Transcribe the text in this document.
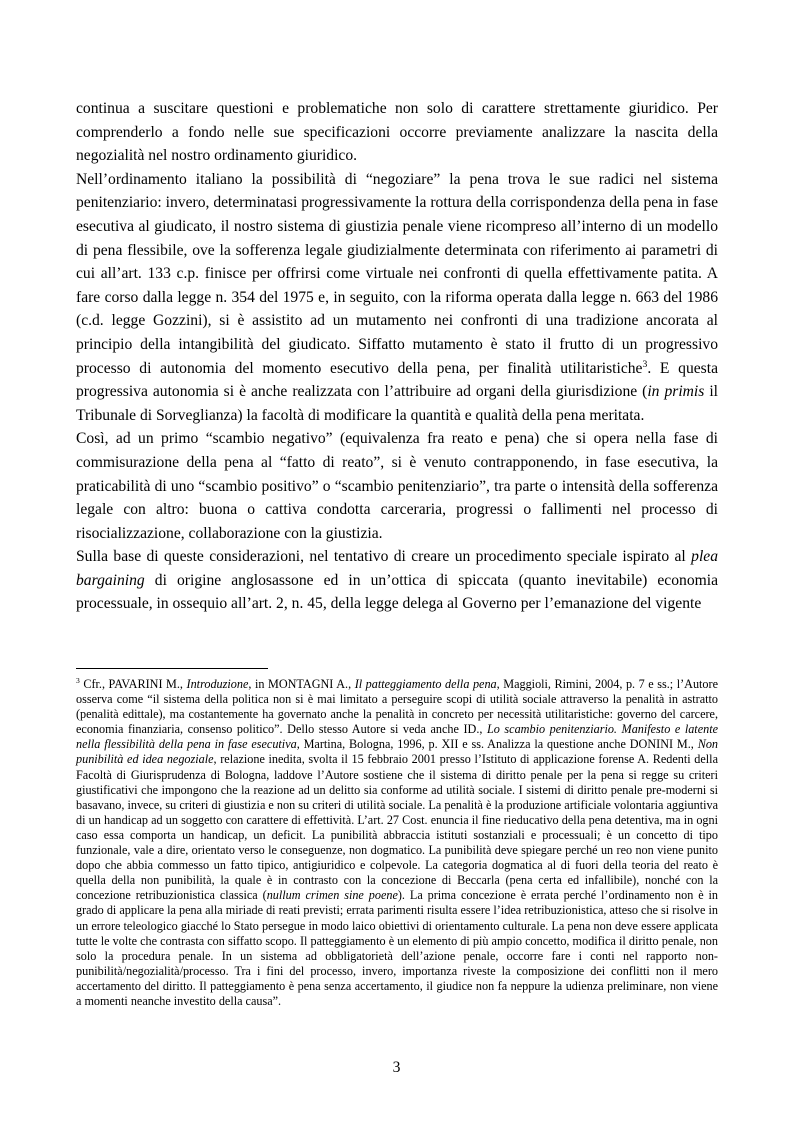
continua a suscitare questioni e problematiche non solo di carattere strettamente giuridico. Per comprenderlo a fondo nelle sue specificazioni occorre previamente analizzare la nascita della negozialità nel nostro ordinamento giuridico.

Nell’ordinamento italiano la possibilità di “negoziare” la pena trova le sue radici nel sistema penitenziario: invero, determinatasi progressivamente la rottura della corrispondenza della pena in fase esecutiva al giudicato, il nostro sistema di giustizia penale viene ricompreso all’interno di un modello di pena flessibile, ove la sofferenza legale giudizialmente determinata con riferimento ai parametri di cui all’art. 133 c.p. finisce per offrirsi come virtuale nei confronti di quella effettivamente patita. A fare corso dalla legge n. 354 del 1975 e, in seguito, con la riforma operata dalla legge n. 663 del 1986 (c.d. legge Gozzini), si è assistito ad un mutamento nei confronti di una tradizione ancorata al principio della intangibilità del giudicato. Siffatto mutamento è stato il frutto di un progressivo processo di autonomia del momento esecutivo della pena, per finalità utilitaristiche$^3$. E questa progressiva autonomia si è anche realizzata con l’attribuire ad organi della giurisdizione (in primis il Tribunale di Sorveglianza) la facoltà di modificare la quantità e qualità della pena meritata.

Così, ad un primo “scambio negativo” (equivalenza fra reato e pena) che si opera nella fase di commisurazione della pena al “fatto di reato”, si è venuto contrapponendo, in fase esecutiva, la praticabilità di uno “scambio positivo” o “scambio penitenziario”, tra parte o intensità della sofferenza legale con altro: buona o cattiva condotta carceraria, progressi o fallimenti nel processo di risocializzazione, collaborazione con la giustizia.

Sulla base di queste considerazioni, nel tentativo di creare un procedimento speciale ispirato al plea bargaining di origine anglosassone ed in un’ottica di spiccata (quanto inevitabile) economia processuale, in ossequio all’art. 2, n. 45, della legge delega al Governo per l’emanazione del vigente

$^3$ Cfr., PAVARINI M., Introduzione, in MONTAGNI A., Il patteggiamento della pena, Maggioli, Rimini, 2004, p. 7 e ss.; l’Autore osserva come “il sistema della politica non si è mai limitato a perseguire scopi di utilità sociale attraverso la penalità in astratto (penalità edittale), ma costantemente ha governato anche la penalità in concreto per necessità utilitaristiche: governo del carcere, economia finanziaria, consenso politico”. Dello stesso Autore si veda anche ID., Lo scambio penitenziario. Manifesto e latente nella flessibilità della pena in fase esecutiva, Martina, Bologna, 1996, p. XII e ss. Analizza la questione anche DONINI M., Non punibilità ed idea negoziale, relazione inedita, svolta il 15 febbraio 2001 presso l’Istituto di applicazione forense A. Redenti della Facoltà di Giurisprudenza di Bologna, laddove l’Autore sostiene che il sistema di diritto penale per la pena si regge su criteri giustificativi che impongono che la reazione ad un delitto sia conforme ad utilità sociale. I sistemi di diritto penale pre-moderni si basavano, invece, su criteri di giustizia e non su criteri di utilità sociale. La penalità è la produzione artificiale volontaria aggiuntiva di un handicap ad un soggetto con carattere di effettività. L’art. 27 Cost. enuncia il fine rieducativo della pena detentiva, ma in ogni caso essa comporta un handicap, un deficit. La punibilità abbraccia istituti sostanziali e processuali; è un concetto di tipo funzionale, vale a dire, orientato verso le conseguenze, non dogmatico. La punibilità deve spiegare perché un reo non viene punito dopo che abbia commesso un fatto tipico, antigiuridico e colpevole. La categoria dogmatica al di fuori della teoria del reato è quella della non punibilità, la quale è in contrasto con la concezione di Beccarla (pena certa ed infallibile), nonché con la concezione retribuzionistica classica (nullum crimen sine poene). La prima concezione è errata perché l’ordinamento non è in grado di applicare la pena alla miriade di reati previsti; errata parimenti risulta essere l’idea retribuzionistica, atteso che si risolve in un errore teleologico giacché lo Stato persegue in modo laico obiettivi di orientamento culturale. La pena non deve essere applicata tutte le volte che contrasta con siffatto scopo. Il patteggiamento è un elemento di più ampio concetto, modifica il diritto penale, non solo la procedura penale. In un sistema ad obbligatorietà dell’azione penale, occorre fare i conti nel rapporto non-punibilità/negozialità/processo. Tra i fini del processo, invero, importanza riveste la composizione dei conflitti non il mero accertamento del diritto. Il patteggiamento è pena senza accertamento, il giudice non fa neppure la udienza preliminare, non viene a momenti neanche investito della causa”.

3
